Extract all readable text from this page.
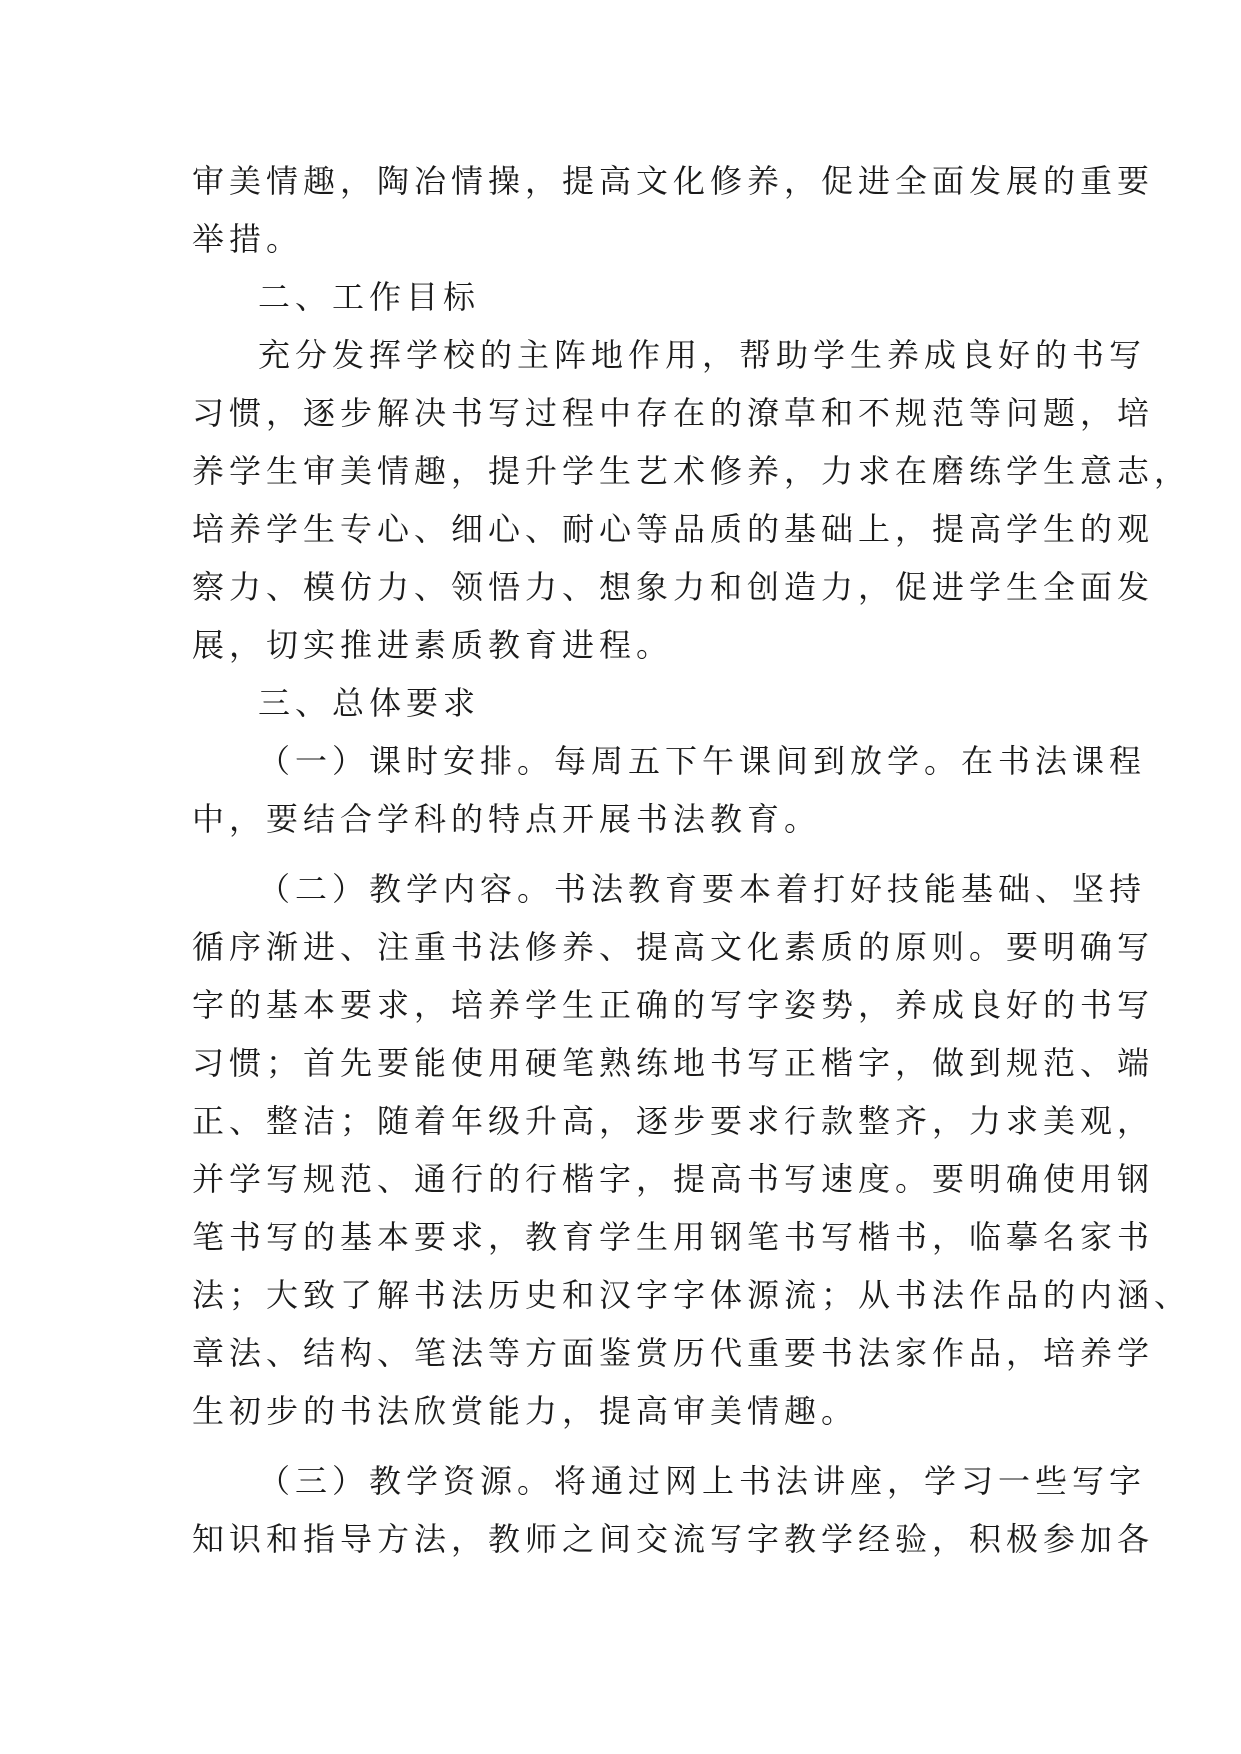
审美情趣，陶冶情操，提高文化修养，促进全面发展的重要
举措。
二、工作目标
充分发挥学校的主阵地作用，帮助学生养成良好的书写
习惯，逐步解决书写过程中存在的潦草和不规范等问题，培
养学生审美情趣，提升学生艺术修养，力求在磨练学生意志，
培养学生专心、细心、耐心等品质的基础上，提高学生的观
察力、模仿力、领悟力、想象力和创造力，促进学生全面发
展，切实推进素质教育进程。
三、总体要求
（一）课时安排。每周五下午课间到放学。在书法课程
中，要结合学科的特点开展书法教育。
（二）教学内容。书法教育要本着打好技能基础、坚持
循序渐进、注重书法修养、提高文化素质的原则。要明确写
字的基本要求，培养学生正确的写字姿势，养成良好的书写
习惯；首先要能使用硬笔熟练地书写正楷字，做到规范、端
正、整洁；随着年级升高，逐步要求行款整齐，力求美观，
并学写规范、通行的行楷字，提高书写速度。要明确使用钢
笔书写的基本要求，教育学生用钢笔书写楷书，临摹名家书
法；大致了解书法历史和汉字字体源流；从书法作品的内涵、
章法、结构、笔法等方面鉴赏历代重要书法家作品，培养学
生初步的书法欣赏能力，提高审美情趣。
（三）教学资源。将通过网上书法讲座，学习一些写字
知识和指导方法，教师之间交流写字教学经验，积极参加各
